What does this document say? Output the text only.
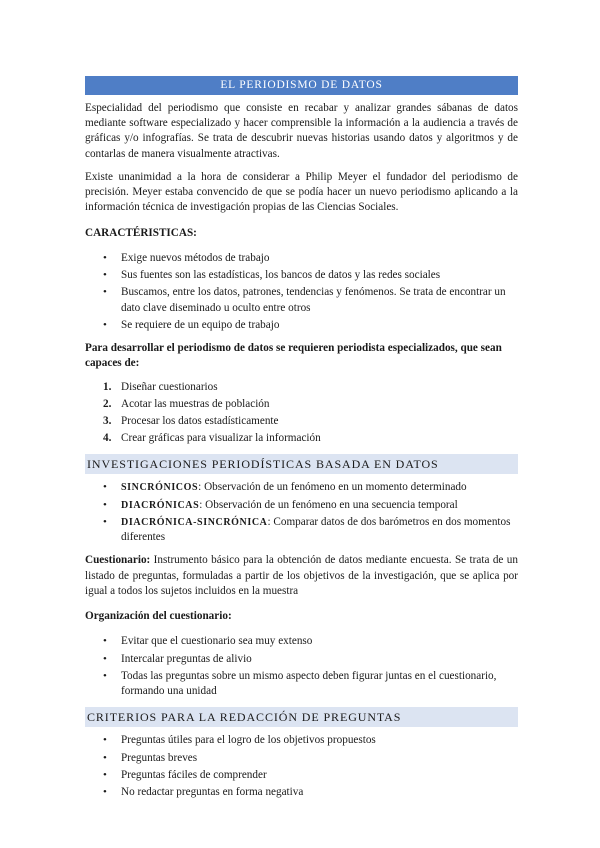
EL PERIODISMO DE DATOS

Especialidad del periodismo que consiste en recabar y analizar grandes sábanas de datos mediante software especializado y hacer comprensible la información a la audiencia a través de gráficas y/o infografías. Se trata de descubrir nuevas historias usando datos y algoritmos y de contarlas de manera visualmente atractivas.

Existe unanimidad a la hora de considerar a Philip Meyer el fundador del periodismo de precisión. Meyer estaba convencido de que se podía hacer un nuevo periodismo aplicando a la información técnica de investigación propias de las Ciencias Sociales.

CARACTÉRISTICAS:
• Exige nuevos métodos de trabajo
• Sus fuentes son las estadísticas, los bancos de datos y las redes sociales
• Buscamos, entre los datos, patrones, tendencias y fenómenos. Se trata de encontrar un dato clave diseminado u oculto entre otros
• Se requiere de un equipo de trabajo

Para desarrollar el periodismo de datos se requieren periodista especializados, que sean capaces de:

1. Diseñar cuestionarios
2. Acotar las muestras de población
3. Procesar los datos estadísticamente
4. Crear gráficas para visualizar la información
INVESTIGACIONES PERIODÍSTICAS BASADA EN DATOS
• SINCRÓNICOS: Observación de un fenómeno en un momento determinado
• DIACRÓNICAS: Observación de un fenómeno en una secuencia temporal
• DIACRÓNICA-SINCRÓNICA: Comparar datos de dos barómetros en dos momentos diferentes

Cuestionario: Instrumento básico para la obtención de datos mediante encuesta. Se trata de un listado de preguntas, formuladas a partir de los objetivos de la investigación, que se aplica por igual a todos los sujetos incluidos en la muestra

Organización del cuestionario:
• Evitar que el cuestionario sea muy extenso
• Intercalar preguntas de alivio
• Todas las preguntas sobre un mismo aspecto deben figurar juntas en el cuestionario, formando una unidad
CRITERIOS PARA LA REDACCIÓN DE PREGUNTAS
• Preguntas útiles para el logro de los objetivos propuestos
• Preguntas breves
• Preguntas fáciles de comprender
• No redactar preguntas en forma negativa
